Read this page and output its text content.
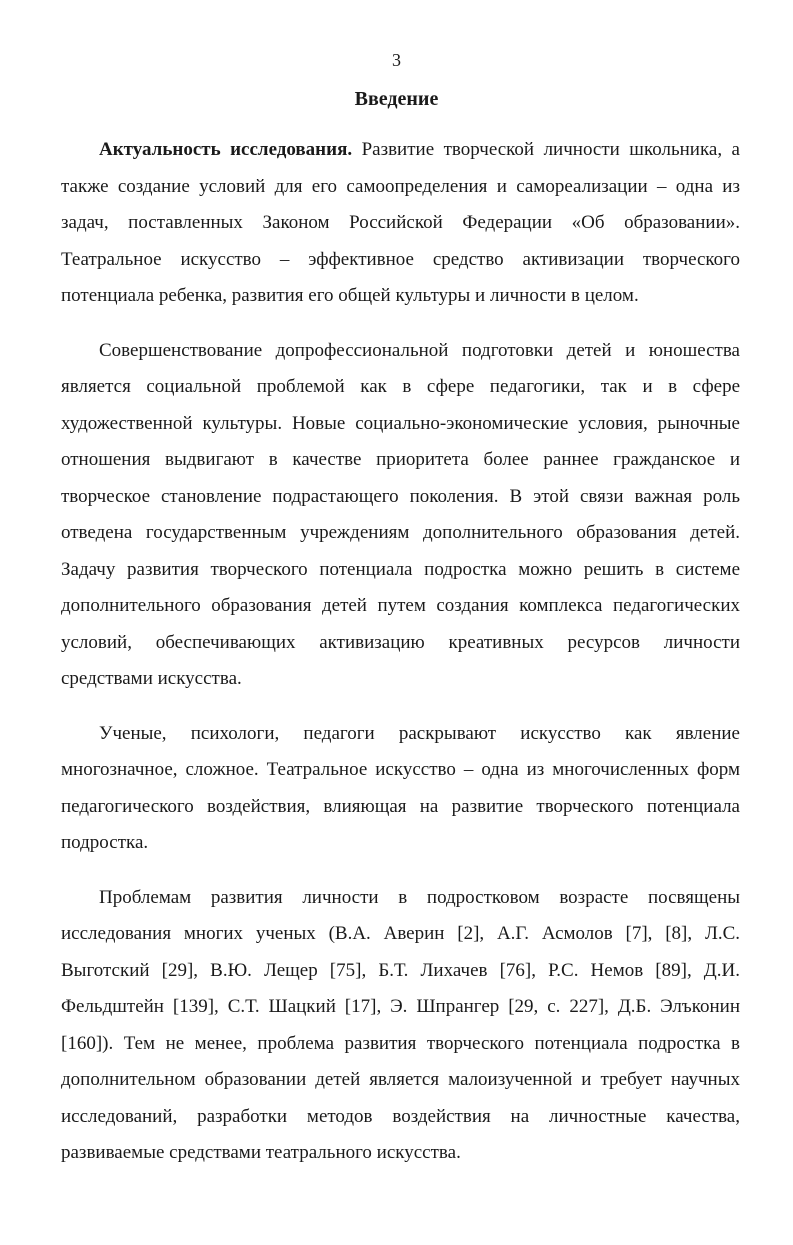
3
Введение

Актуальность исследования. Развитие творческой личности школьника, а также создание условий для его самоопределения и самореализации – одна из задач, поставленных Законом Российской Федерации «Об образовании». Театральное искусство – эффективное средство активизации творческого потенциала ребенка, развития его общей культуры и личности в целом.

Совершенствование допрофессиональной подготовки детей и юношества является социальной проблемой как в сфере педагогики, так и в сфере художественной культуры. Новые социально-экономические условия, рыночные отношения выдвигают в качестве приоритета более раннее гражданское и творческое становление подрастающего поколения. В этой связи важная роль отведена государственным учреждениям дополнительного образования детей. Задачу развития творческого потенциала подростка можно решить в системе дополнительного образования детей путем создания комплекса педагогических условий, обеспечивающих активизацию креативных ресурсов личности средствами искусства.

Ученые, психологи, педагоги раскрывают искусство как явление многозначное, сложное. Театральное искусство – одна из многочисленных форм педагогического воздействия, влияющая на развитие творческого потенциала подростка.

Проблемам развития личности в подростковом возрасте посвящены исследования многих ученых (В.А. Аверин [2], А.Г. Асмолов [7], [8], Л.С. Выготский [29], В.Ю. Лещер [75], Б.Т. Лихачев [76], Р.С. Немов [89], Д.И. Фельдштейн [139], С.Т. Шацкий [17], Э. Шпрангер [29, с. 227], Д.Б. Элъконин [160]). Тем не менее, проблема развития творческого потенциала подростка в дополнительном образовании детей является малоизученной и требует научных исследований, разработки методов воздействия на личностные качества, развиваемые средствами театрального искусства.
